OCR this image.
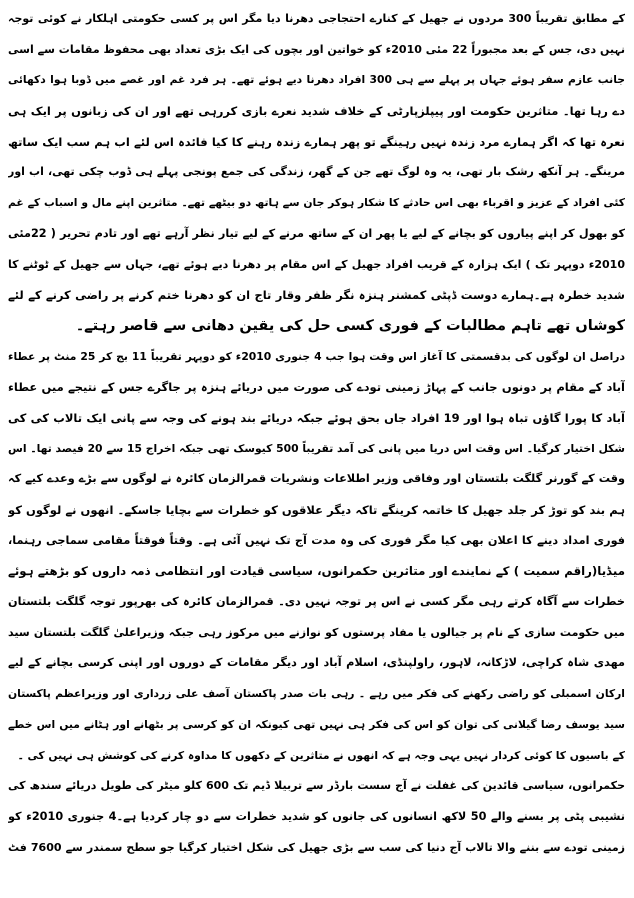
کے مطابق تقریباً 300 مردوں نے جھیل کے کنارے احتجاجی دھرنا دیا مگر اس پر کسی حکومتی اہلکار نے کوئی توجہ
نہیں دی، جس کے بعد مجبوراً 22 مئی 2010ء کو خواتین اور بچوں کی ایک بڑی تعداد بھی محفوظ مقامات سے اسی
جانب عازم سفر ہوئے جہاں پر پہلے سے ہی 300 افراد دھرنا دیے ہوئے تھے۔ ہر فرد غم اور غصے میں ڈوبا ہوا دکھائی
دے رہا تھا۔ متاثرین حکومت اور پیپلزپارٹی کے خلاف شدید نعرے بازی کررہی تھے اور ان کی زبانوں پر ایک ہی
نعرہ تھا کہ اگر ہمارے مرد زندہ نہیں رہینگے تو پھر ہمارے زندہ رہنے کا کیا فائدہ اس لئے اب ہم سب ایک ساتھ
مرینگے۔ ہر آنکھ رشک بار تھی، یہ وہ لوگ تھے جن کے گھر، زندگی کی جمع پونجی پہلے ہی ڈوب چکی تھی، اب اور
کئی افراد کے عزیز و اقرباء بھی اس حادثے کا شکار ہوکر جان سے ہاتھ دو بیٹھے تھے۔ متاثرین اپنے مال و اسباب کے غم
کو بھول کر اپنے پیاروں کو بچانے کے لیے یا پھر ان کے ساتھ مرنے کے لیے تیار نظر آرہے تھے اور تادم تحریر ( 22مئی
2010ء دوپہر تک ) ایک ہزارہ کے قریب افراد جھیل کے اس مقام پر دھرنا دیے ہوئے تھے، جہاں سے جھیل کے ٹوٹنے کا
شدید خطرہ ہے۔ہمارے دوست ڈپٹی کمشنر ہنزہ نگر ظفر وقار تاج ان کو دھرنا ختم کرنے پر راضی کرنے کے لئے
کوشاں تھے تاہم مطالبات کے فوری کسی حل کی یقین دھانی سے قاصر رہتے۔
دراصل ان لوگوں کی بدقسمتی کا آغاز اس وقت ہوا جب 4 جنوری 2010ء کو دوپہر تقریباً 11 بج کر 25 منٹ پر عطاء
آباد کے مقام پر دونوں جانب کے پہاڑ زمینی تودے کی صورت میں دریائے ہنزہ پر جاگرے جس کے نتیجے میں عطاء
آباد کا پورا گاؤں تباہ ہوا اور 19 افراد جاں بحق ہوئے جبکہ دریائے بند ہونے کی وجہ سے پانی ایک تالاب کی کی
شکل اختیار کرگیا۔ اس وقت اس دریا میں پانی کی آمد تقریباً 500 کیوسک تھی جبکہ اخراج 15 سے 20 فیصد تھا۔ اس
وقت کے گورنر گلگت بلتستان اور وفاقی وزیر اطلاعات ونشریات قمرالزمان کائرہ نے لوگوں سے بڑے وعدے کیے کہ
ہم بند کو توڑ کر جلد جھیل کا خاتمہ کرینگے تاکہ دیگر علاقوں کو خطرات سے بچایا جاسکے۔ انھوں نے لوگوں کو
فوری امداد دینے کا اعلان بھی کیا مگر فوری کی وہ مدت آج تک نہیں آئی ہے۔ وقتاً فوقتاً مقامی سماجی رہنما،
میڈیا(راقم سمیت ) کے نمایندے اور متاثرین حکمرانوں، سیاسی قیادت اور انتظامی ذمہ داروں کو بڑھتے ہوئے
خطرات سے آگاہ کرتے رہی مگر کسی نے اس پر توجہ نہیں دی۔ قمرالزمان کائرہ کی بھرپور توجہ گلگت بلتستان
میں حکومت سازی کے نام پر جیالوں یا مفاد پرستوں کو نوازنے میں مرکوز رہی جبکہ وزیراعلیٰ گلگت بلتستان سید
مھدی شاہ کراچی، لاڑکانہ، لاہور، راولپنڈی، اسلام آباد اور دیگر مقامات کے دوروں اور اپنی کرسی بچانے کے لیے
ارکان اسمبلی کو راضی رکھنے کی فکر میں رہے ۔ رہی بات صدر پاکستان آصف علی زرداری اور وزیراعظم پاکستان
سید یوسف رضا گیلانی کی توان کو اس کی فکر ہی نہیں تھی کیونکہ ان کو کرسی پر بٹھانے اور ہٹانے میں اس خطے
کے باسیوں کا کوئی کردار نہیں یہی وجہ ہے کہ انھوں نے متاثرین کے دکھوں کا مداوہ کرنے کی کوشش ہی نہیں کی ۔
حکمرانوں، سیاسی قائدین کی غفلت نے آج سست بارڈر سے تربیلا ڈیم تک 600 کلو میٹر کی طویل دریائے سندھ کی
نشیبی پٹی پر بسنے والے 50 لاکھ انسانوں کی جانوں کو شدید خطرات سے دو چار کردیا ہے۔4 جنوری 2010ء کو
زمینی تودے سے بننے والا تالاب آج دنیا کی سب سے بڑی جھیل کی شکل اختیار کرگیا جو سطح سمندر سے 7600 فٹ
